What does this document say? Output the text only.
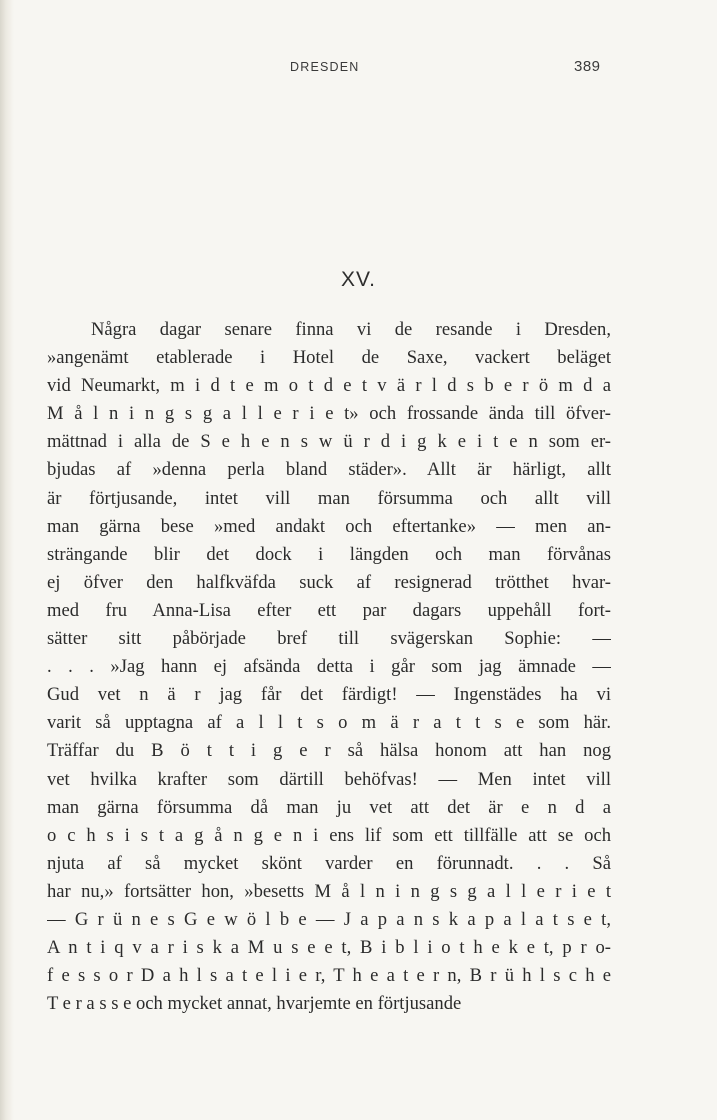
DRESDEN	389
XV.
Några dagar senare finna vi de resande i Dresden,
»angenämt etablerade i Hotel de Saxe, vackert beläget
vid Neumarkt, m i d t e m o t d e t v ä r l d s b e r ö m d a
M å l n i n g s g a l l e r i e t» och frossande ända till öfver-
mättnad i alla de S e h e n s w ü r d i g k e i t e n som er-
bjudas af »denna perla bland städer». Allt är härligt, allt
är förtjusande, intet vill man försumma och allt vill
man gärna bese »med andakt och eftertanke» — men an-
strängande blir det dock i längden och man förvånas
ej öfver den halfkväfda suck af resignerad trötthet hvar-
med fru Anna-Lisa efter ett par dagars uppehåll fort-
sätter sitt påbörjade bref till svägerskan Sophie: —
. . . »Jag hann ej afsända detta i går som jag ämnade —
Gud vet n ä r jag får det färdigt! — Ingenstädes ha vi
varit så upptagna af a l l t s o m ä r a t t s e som här.
Träffar du B ö t t i g e r så hälsa honom att han nog
vet hvilka krafter som därtill behöfvas! — Men intet vill
man gärna försumma då man ju vet att det är e n d a
o c h s i s t a g å n g e n i ens lif som ett tillfälle att se och
njuta af så mycket skönt varder en förunnadt. . . Så
har nu,» fortsätter hon, »besetts M å l n i n g s g a l l e r i e t
— G r ü n e s G e w ö l b e — J a p a n s k a p a l a t s e t,
A n t i q v a r i s k a M u s e e t, B i b l i o t h e k e t, p r o-
f e s s o r D a h l s a t e l i e r, T h e a t e r n, B r ü h l s c h e
T e r a s s e och mycket annat, hvarjemte en förtjusande
